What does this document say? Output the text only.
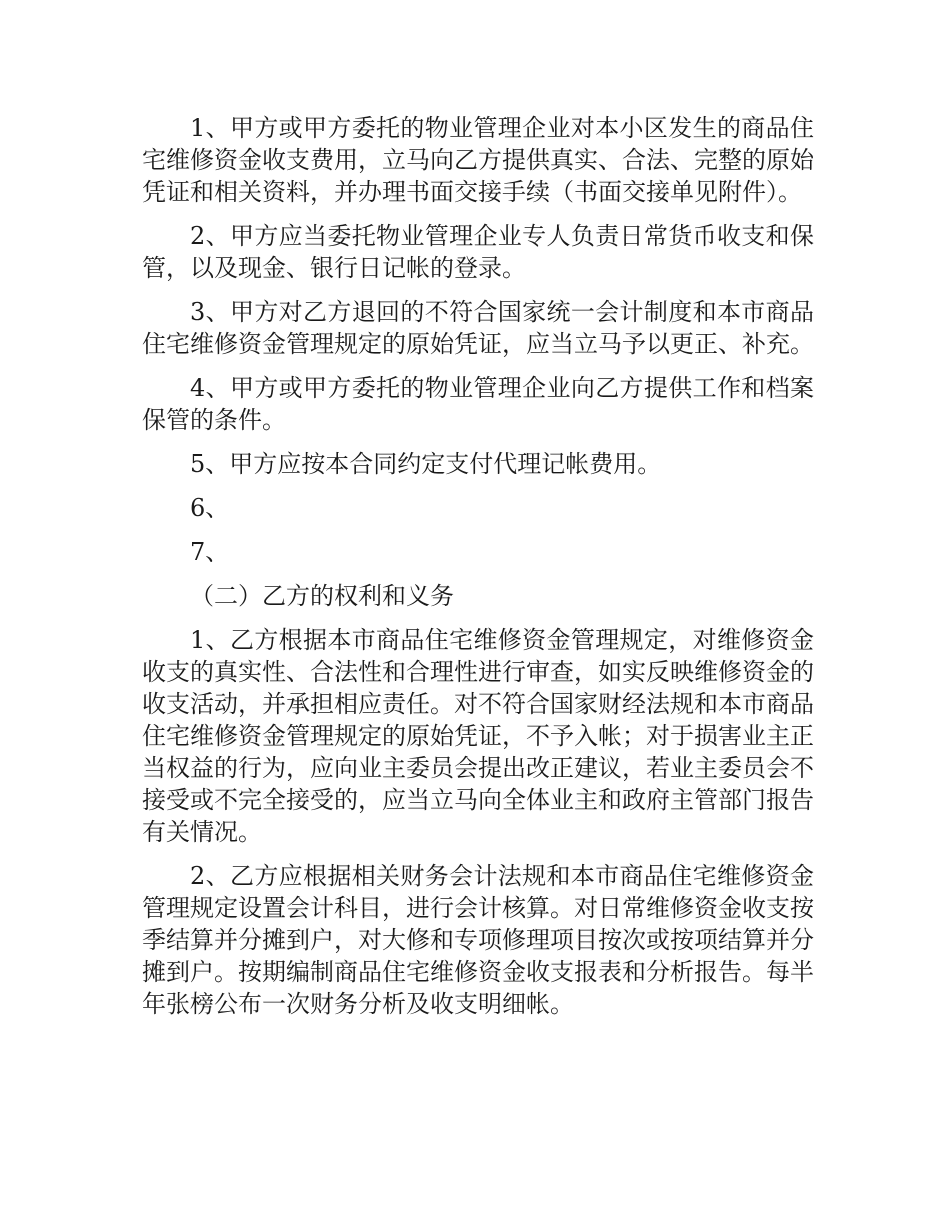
1、甲方或甲方委托的物业管理企业对本小区发生的商品住宅维修资金收支费用，立马向乙方提供真实、合法、完整的原始凭证和相关资料，并办理书面交接手续（书面交接单见附件）。

2、甲方应当委托物业管理企业专人负责日常货币收支和保管，以及现金、银行日记帐的登录。

3、甲方对乙方退回的不符合国家统一会计制度和本市商品住宅维修资金管理规定的原始凭证，应当立马予以更正、补充。

4、甲方或甲方委托的物业管理企业向乙方提供工作和档案保管的条件。

5、甲方应按本合同约定支付代理记帐费用。

6、

7、

（二）乙方的权利和义务

1、乙方根据本市商品住宅维修资金管理规定，对维修资金收支的真实性、合法性和合理性进行审查，如实反映维修资金的收支活动，并承担相应责任。对不符合国家财经法规和本市商品住宅维修资金管理规定的原始凭证，不予入帐；对于损害业主正当权益的行为，应向业主委员会提出改正建议，若业主委员会不接受或不完全接受的，应当立马向全体业主和政府主管部门报告有关情况。

2、乙方应根据相关财务会计法规和本市商品住宅维修资金管理规定设置会计科目，进行会计核算。对日常维修资金收支按季结算并分摊到户，对大修和专项修理项目按次或按项结算并分摊到户。按期编制商品住宅维修资金收支报表和分析报告。每半年张榜公布一次财务分析及收支明细帐。
